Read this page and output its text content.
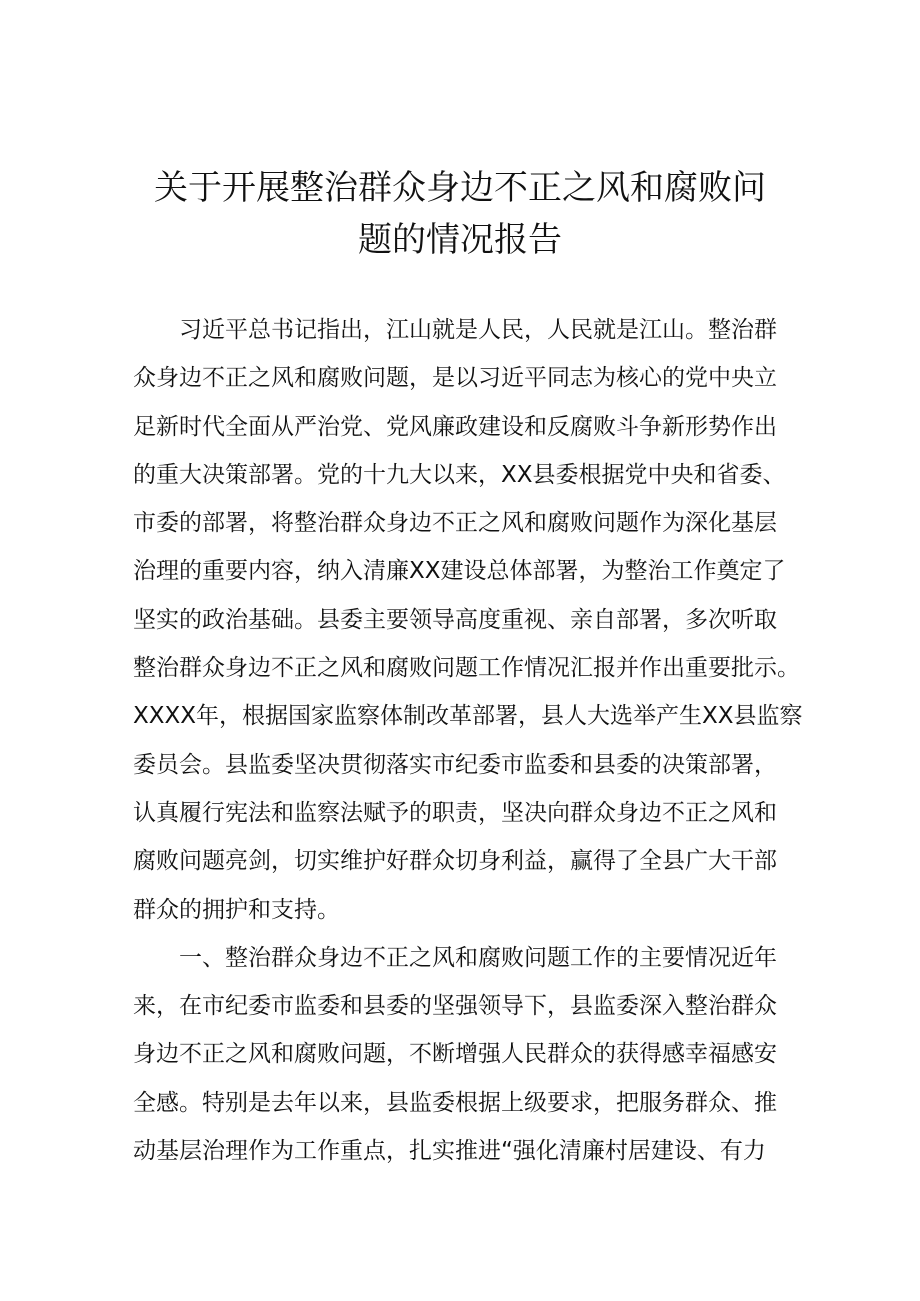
关于开展整治群众身边不正之风和腐败问
题的情况报告
习近平总书记指出，江山就是人民，人民就是江山。整治群
众身边不正之风和腐败问题，是以习近平同志为核心的党中央立
足新时代全面从严治党、党风廉政建设和反腐败斗争新形势作出
的重大决策部署。党的十九大以来，XX县委根据党中央和省委、
市委的部署，将整治群众身边不正之风和腐败问题作为深化基层
治理的重要内容，纳入清廉XX建设总体部署，为整治工作奠定了
坚实的政治基础。县委主要领导高度重视、亲自部署，多次听取
整治群众身边不正之风和腐败问题工作情况汇报并作出重要批示。
XXXX年，根据国家监察体制改革部署，县人大选举产生XX县监察
委员会。县监委坚决贯彻落实市纪委市监委和县委的决策部署，
认真履行宪法和监察法赋予的职责，坚决向群众身边不正之风和
腐败问题亮剑，切实维护好群众切身利益，赢得了全县广大干部
群众的拥护和支持。
一、整治群众身边不正之风和腐败问题工作的主要情况近年
来，在市纪委市监委和县委的坚强领导下，县监委深入整治群众
身边不正之风和腐败问题，不断增强人民群众的获得感幸福感安
全感。特别是去年以来，县监委根据上级要求，把服务群众、推
动基层治理作为工作重点，扎实推进“强化清廉村居建设、有力
